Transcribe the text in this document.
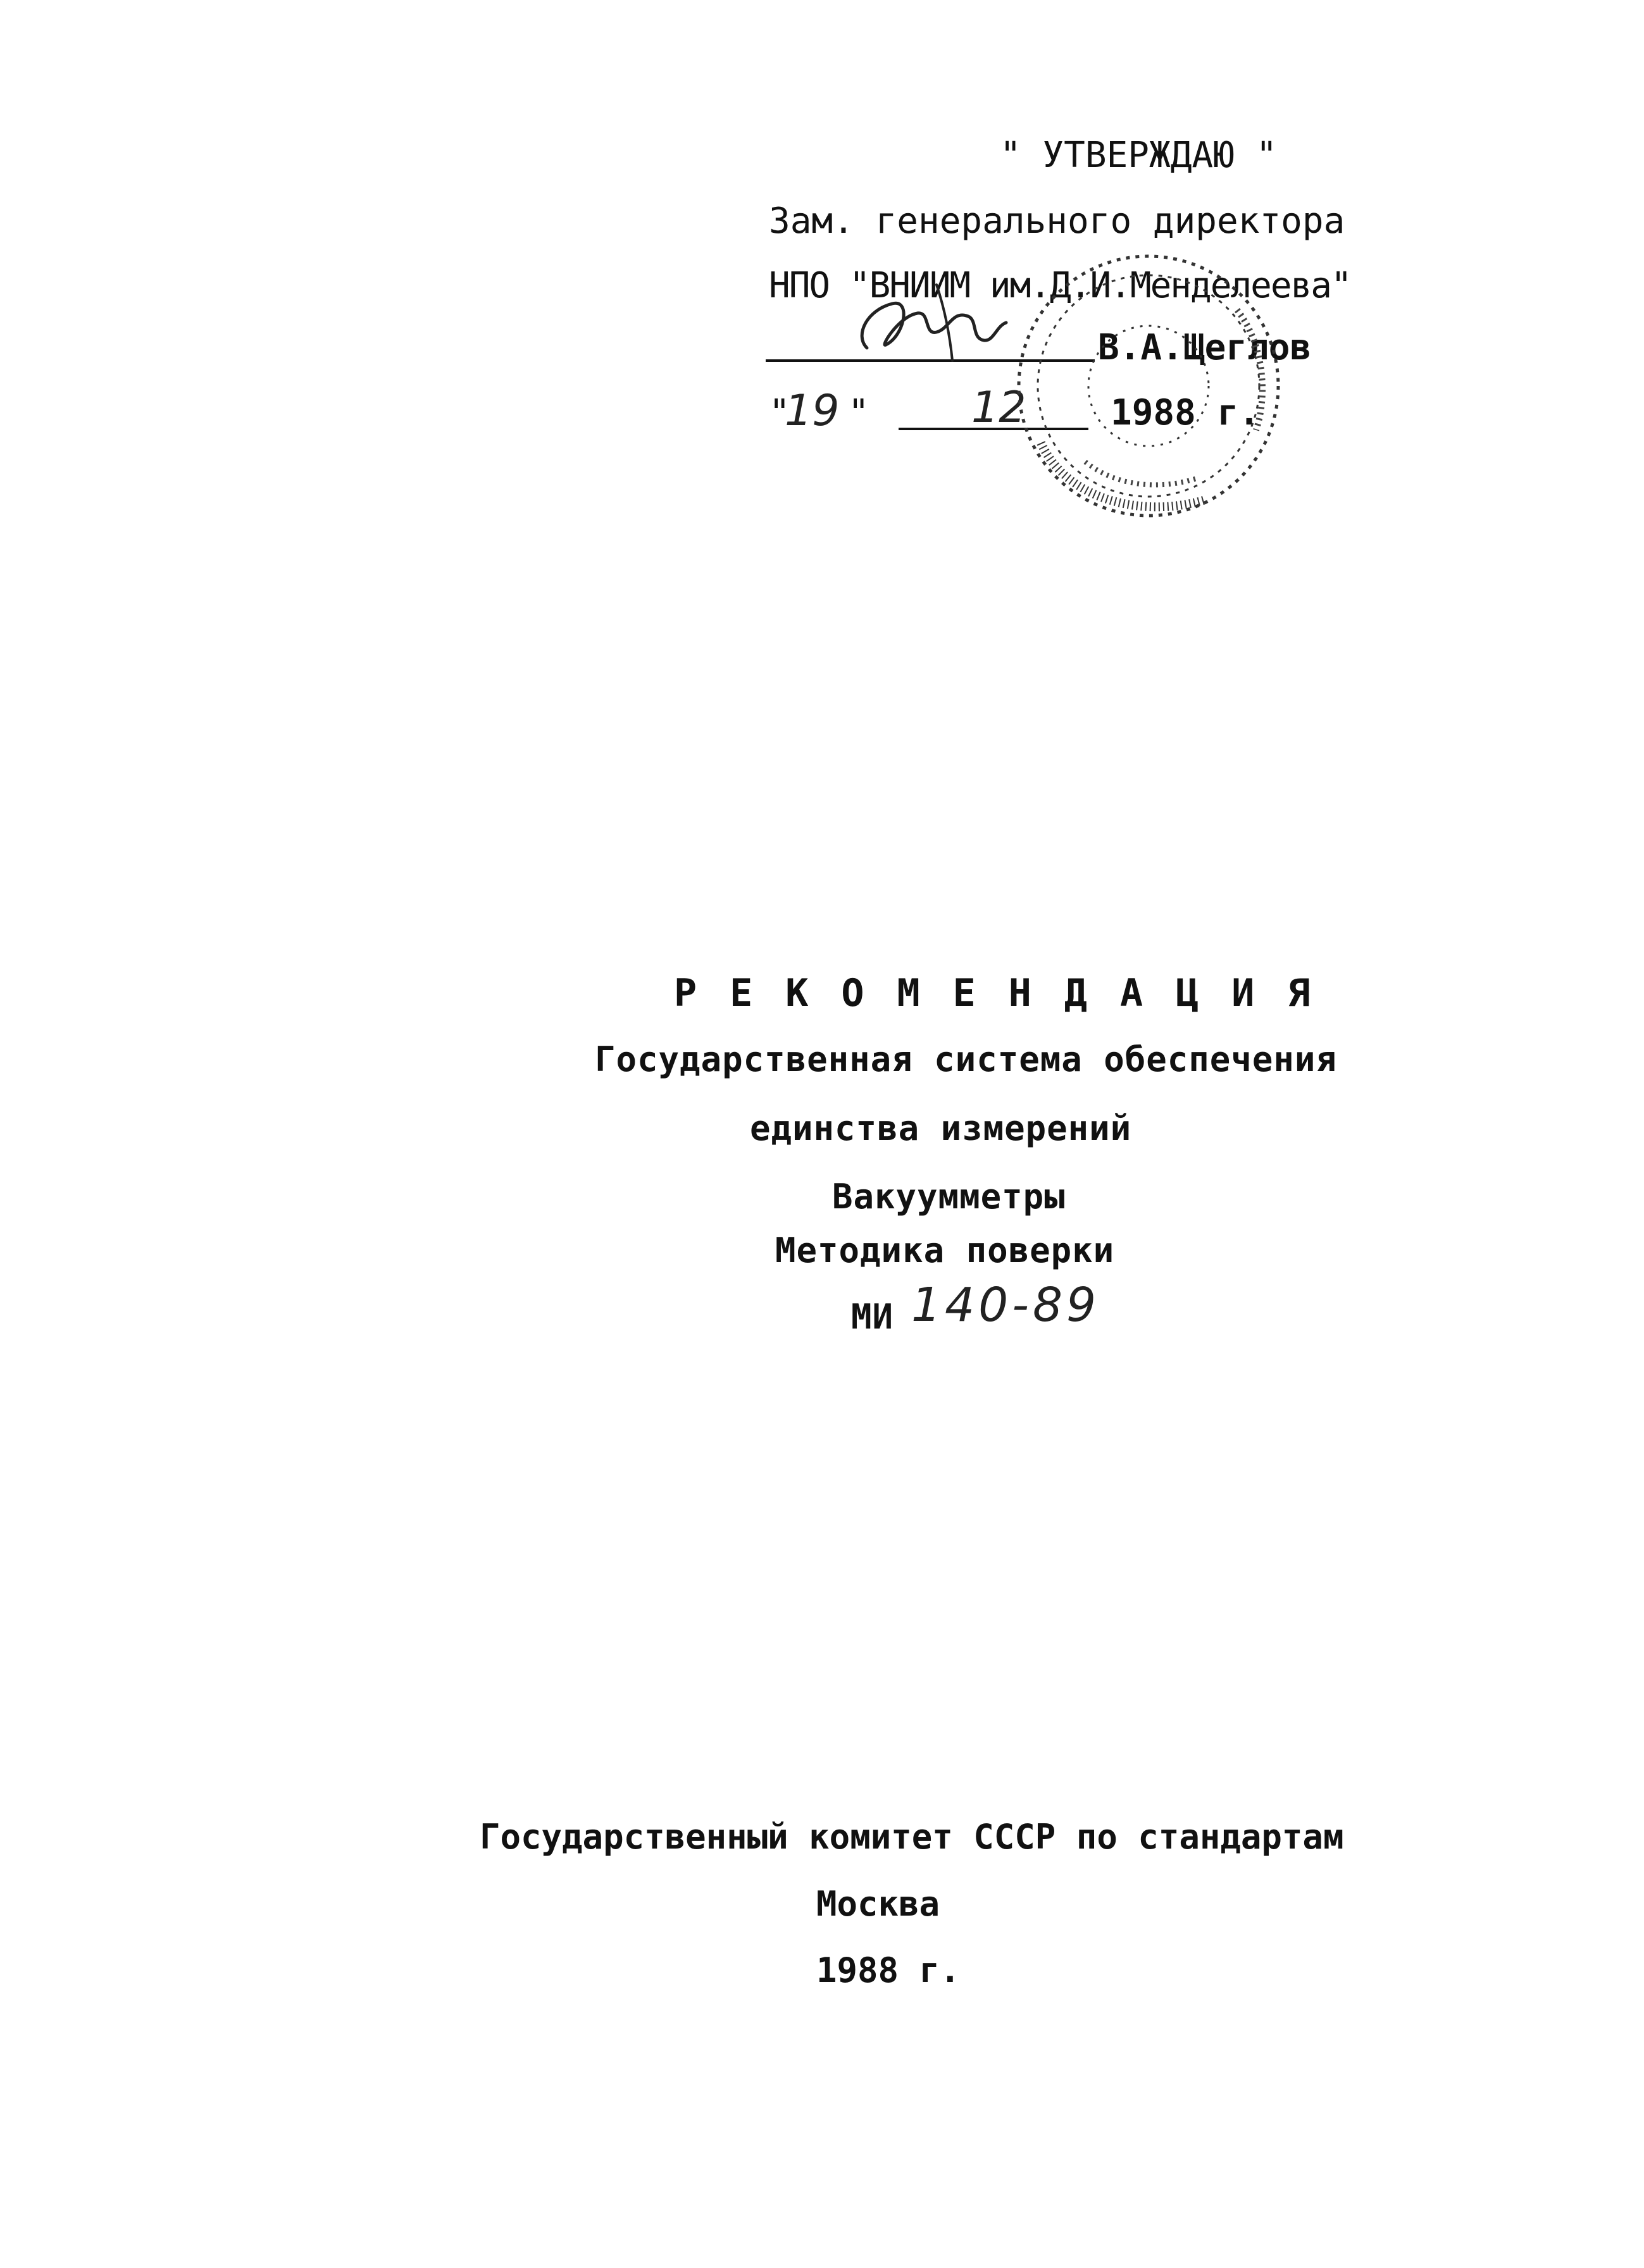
" УТВЕРЖДАЮ "
Зам. генерального директора
НПО "ВНИИМ им.Д.И.Менделеева"
В.А.Щеглов
"
19 " 12 1988 г.
РЕКОМЕНДАЦИЯ
Государственная система обеспечения
единства измерений
Вакуумметры
Методика поверки
МИ 140-89
Государственный комитет СССР по стандартам
Москва
1988 г.
